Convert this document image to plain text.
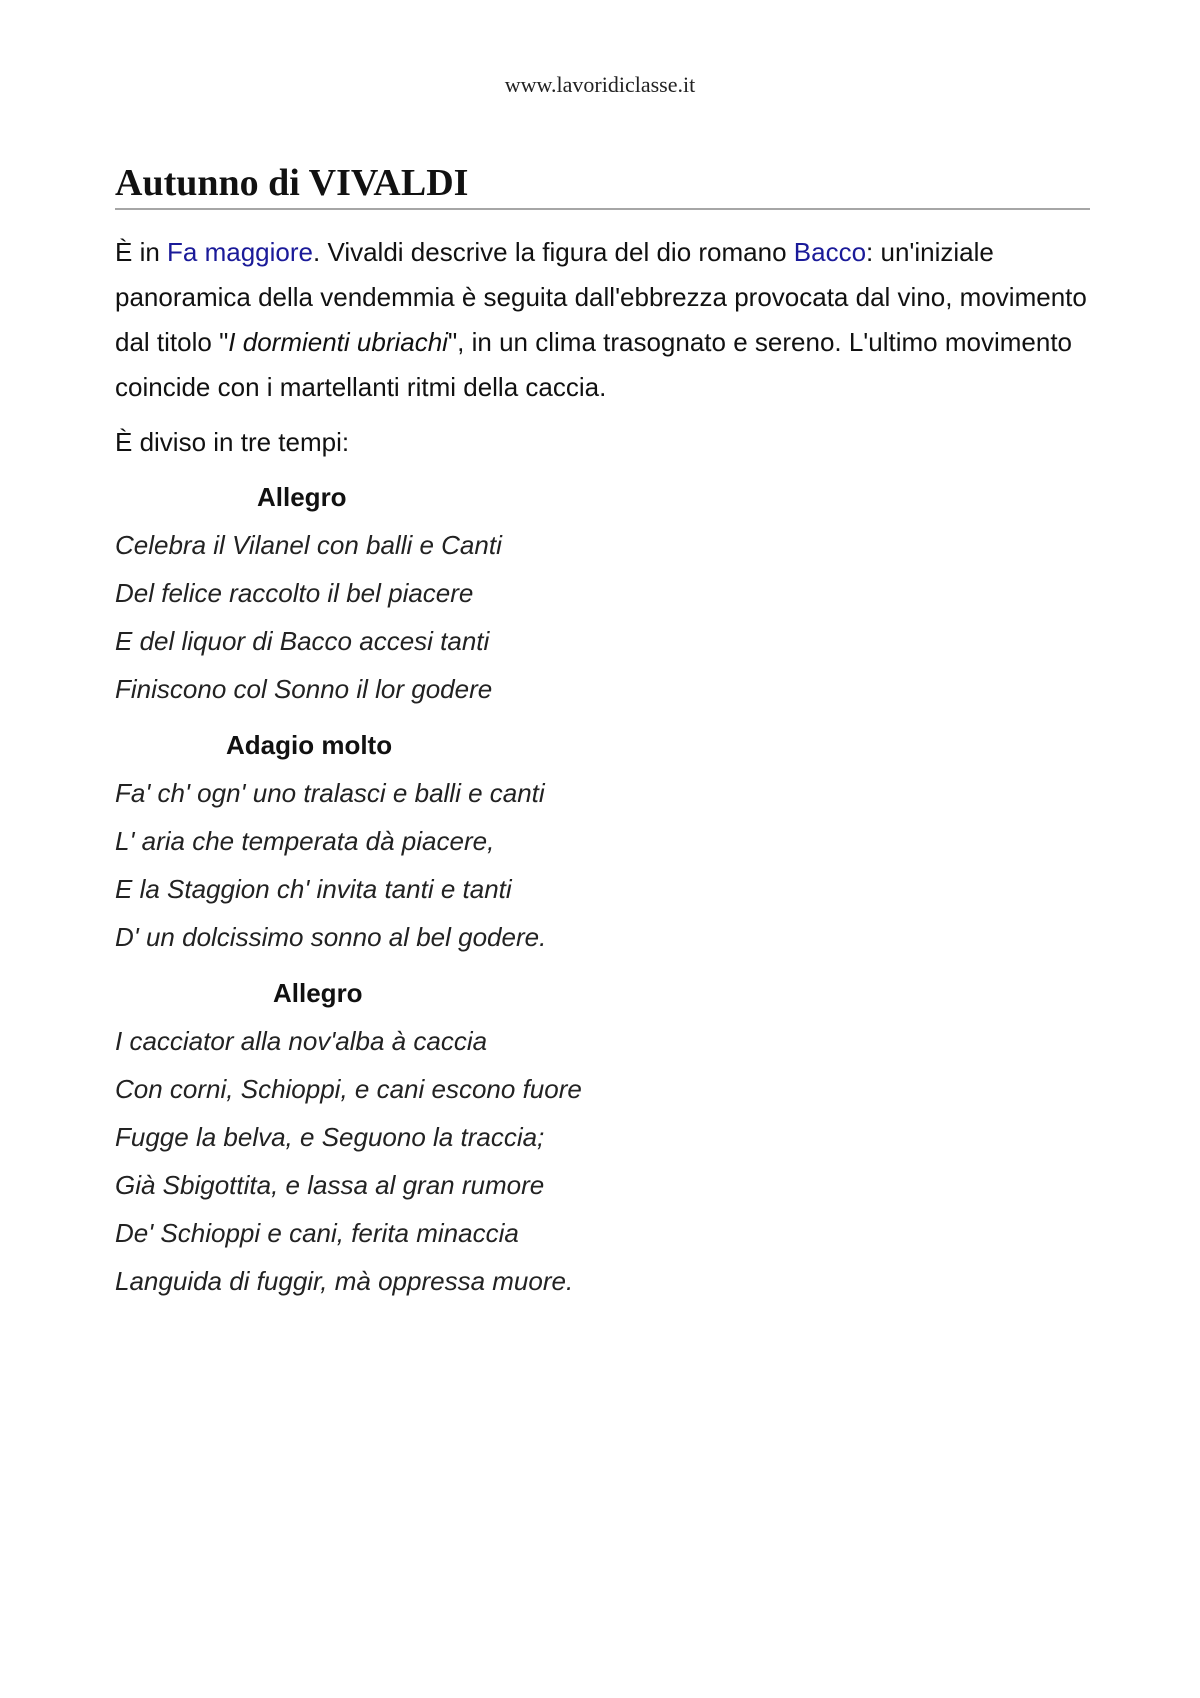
www.lavoridiclasse.it
Autunno di VIVALDI

È in Fa maggiore. Vivaldi descrive la figura del dio romano Bacco: un'iniziale panoramica della vendemmia è seguita dall'ebbrezza provocata dal vino, movimento dal titolo "I dormienti ubriachi", in un clima trasognato e sereno. L'ultimo movimento coincide con i martellanti ritmi della caccia.

È diviso in tre tempi:

Allegro
Celebra il Vilanel con balli e Canti
Del felice raccolto il bel piacere
E del liquor di Bacco accesi tanti
Finiscono col Sonno il lor godere
Adagio molto
Fa' ch' ogn' uno tralasci e balli e canti
L' aria che temperata dà piacere,
E la Staggion ch' invita tanti e tanti
D' un dolcissimo sonno al bel godere.
Allegro
I cacciator alla nov'alba à caccia
Con corni, Schioppi, e cani escono fuore
Fugge la belva, e Seguono la traccia;
Già Sbigottita, e lassa al gran rumore
De' Schioppi e cani, ferita minaccia
Languida di fuggir, mà oppressa muore.
